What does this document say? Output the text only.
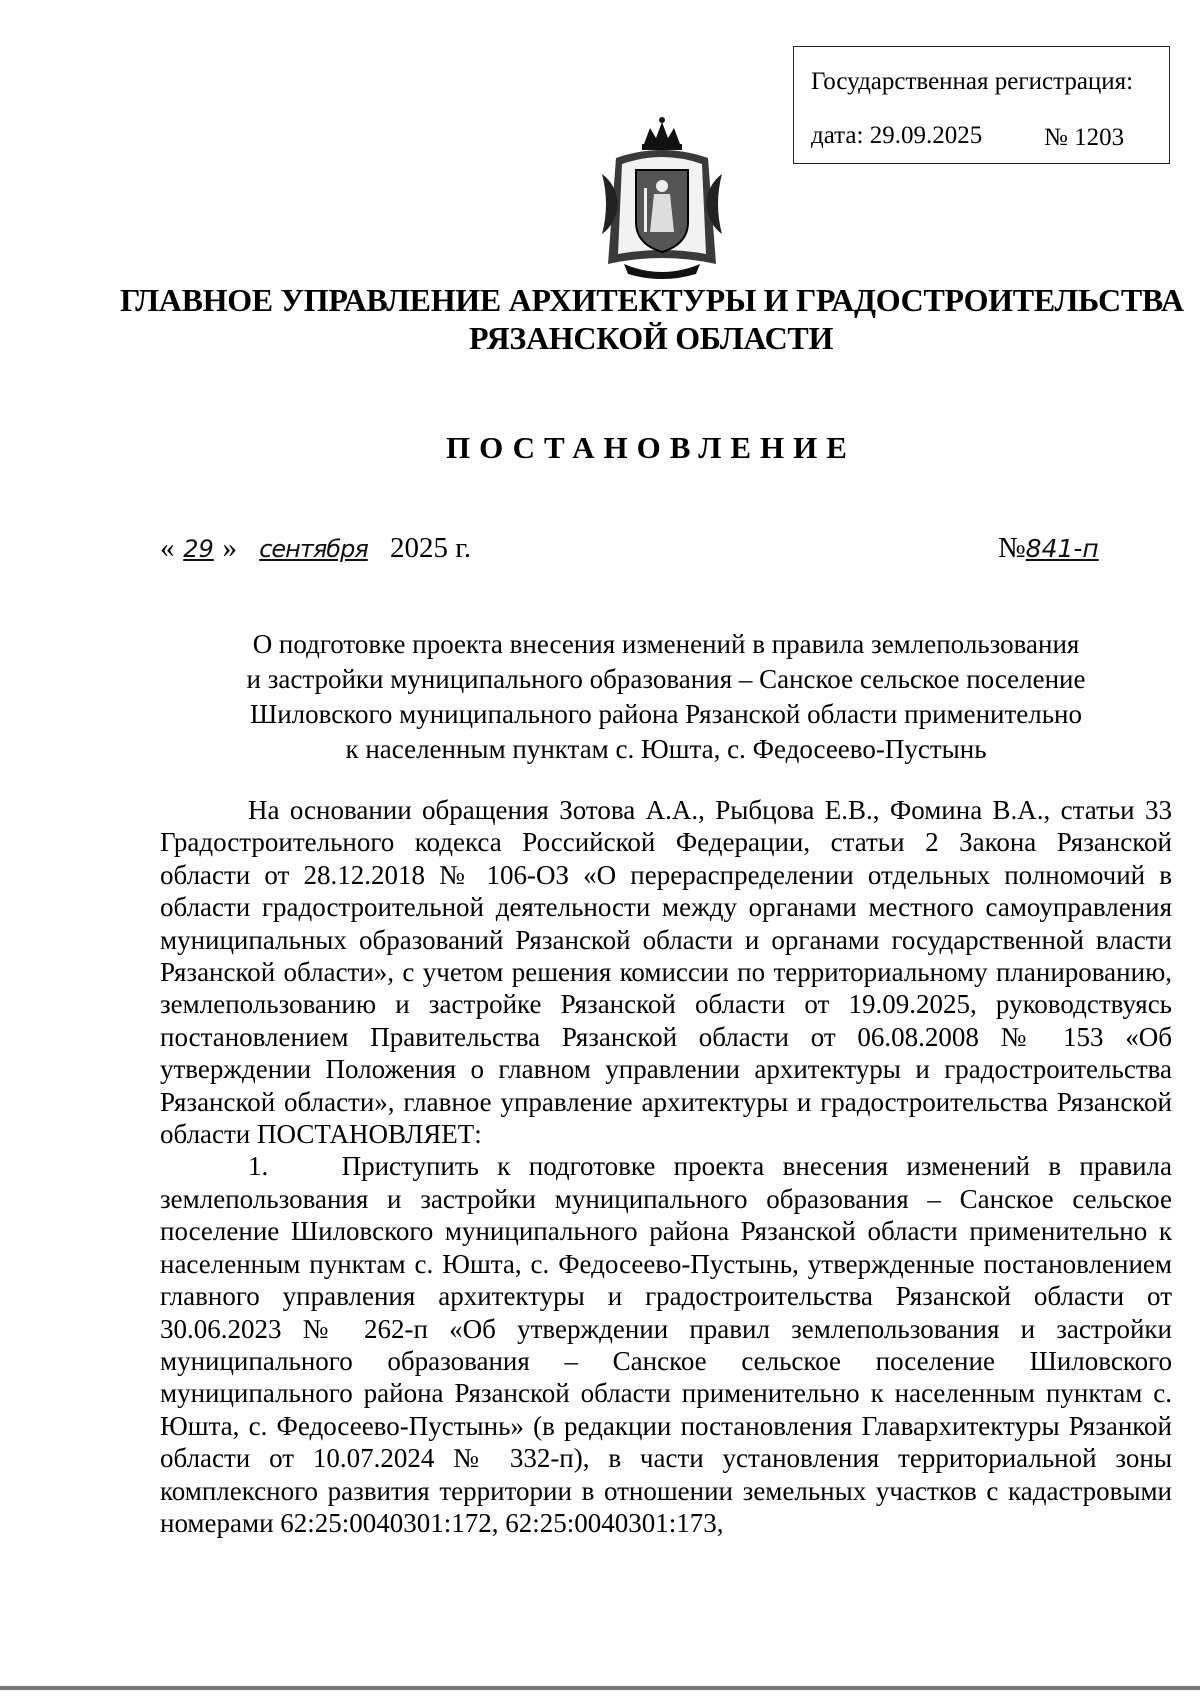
Государственная регистрация:
дата: 29.09.2025 № 1203
ГЛАВНОЕ УПРАВЛЕНИЕ АРХИТЕКТУРЫ И ГРАДОСТРОИТЕЛЬСТВА
РЯЗАНСКОЙ ОБЛАСТИ
ПОСТАНОВЛЕНИЕ
« 29 » сентября 2025 г.	№841-п
О подготовке проекта внесения изменений в правила землепользования
и застройки муниципального образования – Санское сельское поселение
Шиловского муниципального района Рязанской области применительно
к населенным пунктам с. Юшта, с. Федосеево-Пустынь

На основании обращения Зотова А.А., Рыбцова Е.В., Фомина В.А., статьи 33 Градостроительного кодекса Российской Федерации, статьи 2 Закона Рязанской области от 28.12.2018 № 106-ОЗ «О перераспределении отдельных полномочий в области градостроительной деятельности между органами местного самоуправления муниципальных образований Рязанской области и органами государственной власти Рязанской области», с учетом решения комиссии по территориальному планированию, землепользованию и застройке Рязанской области от 19.09.2025, руководствуясь постановлением Правительства Рязанской области от 06.08.2008 № 153 «Об утверждении Положения о главном управлении архитектуры и градостроительства Рязанской области», главное управление архитектуры и градостроительства Рязанской области ПОСТАНОВЛЯЕТ:

1.	Приступить к подготовке проекта внесения изменений в правила землепользования и застройки муниципального образования – Санское сельское поселение Шиловского муниципального района Рязанской области применительно к населенным пунктам с. Юшта, с. Федосеево-Пустынь, утвержденные постановлением главного управления архитектуры и градостроительства Рязанской области от 30.06.2023 № 262-п «Об утверждении правил землепользования и застройки муниципального образования – Санское сельское поселение Шиловского муниципального района Рязанской области применительно к населенным пунктам с. Юшта, с. Федосеево-Пустынь» (в редакции постановления Главархитектуры Рязанкой области от 10.07.2024 № 332-п), в части установления территориальной зоны комплексного развития территории в отношении земельных участков с кадастровыми номерами 62:25:0040301:172, 62:25:0040301:173,
